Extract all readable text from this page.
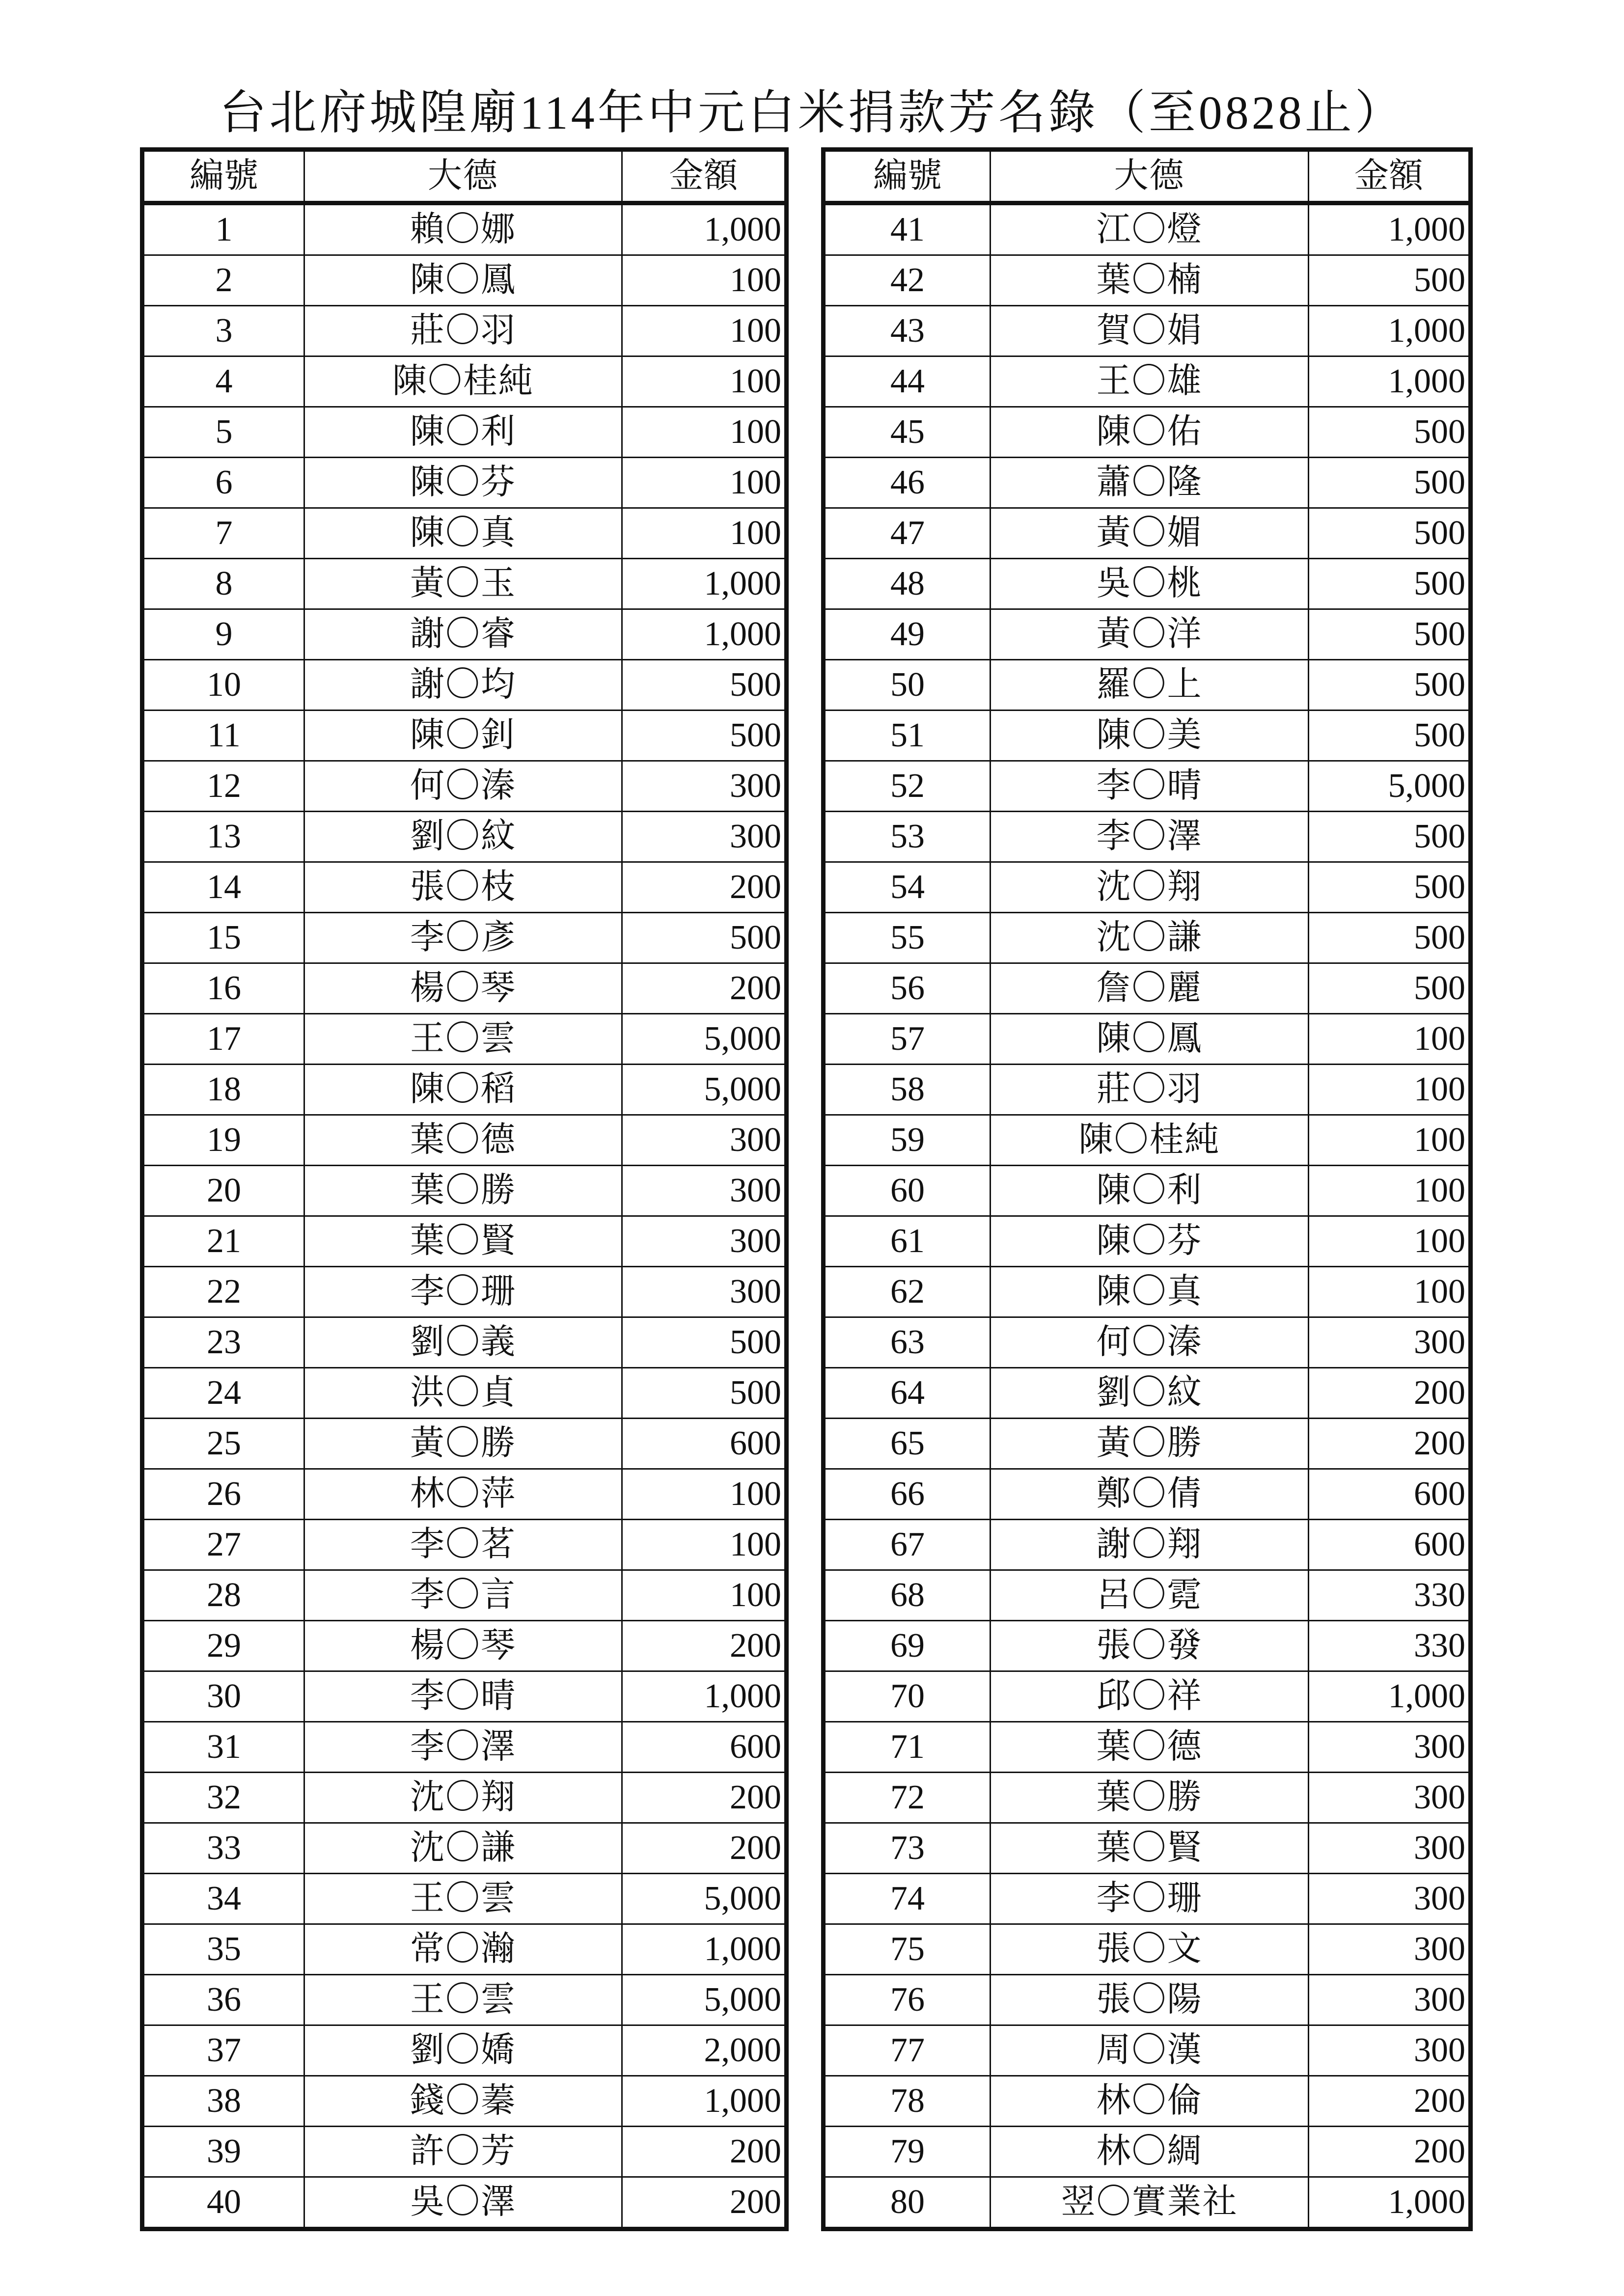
台北府城隍廟114年中元白米捐款芳名錄（至0828止）
編號	大德	金額
1	賴〇娜	1,000
2	陳〇鳳	100
3	莊〇羽	100
4	陳〇桂純	100
5	陳〇利	100
6	陳〇芬	100
7	陳〇真	100
8	黃〇玉	1,000
9	謝〇睿	1,000
10	謝〇均	500
11	陳〇釗	500
12	何〇溱	300
13	劉〇紋	300
14	張〇枝	200
15	李〇彥	500
16	楊〇琴	200
17	王〇雲	5,000
18	陳〇稻	5,000
19	葉〇德	300
20	葉〇勝	300
21	葉〇賢	300
22	李〇珊	300
23	劉〇義	500
24	洪〇貞	500
25	黃〇勝	600
26	林〇萍	100
27	李〇茗	100
28	李〇言	100
29	楊〇琴	200
30	李〇晴	1,000
31	李〇澤	600
32	沈〇翔	200
33	沈〇謙	200
34	王〇雲	5,000
35	常〇瀚	1,000
36	王〇雲	5,000
37	劉〇嬌	2,000
38	錢〇蓁	1,000
39	許〇芳	200
40	吳〇澤	200
編號	大德	金額
41	江〇燈	1,000
42	葉〇楠	500
43	賀〇娟	1,000
44	王〇雄	1,000
45	陳〇佑	500
46	蕭〇隆	500
47	黃〇媚	500
48	吳〇桃	500
49	黃〇洋	500
50	羅〇上	500
51	陳〇美	500
52	李〇晴	5,000
53	李〇澤	500
54	沈〇翔	500
55	沈〇謙	500
56	詹〇麗	500
57	陳〇鳳	100
58	莊〇羽	100
59	陳〇桂純	100
60	陳〇利	100
61	陳〇芬	100
62	陳〇真	100
63	何〇溱	300
64	劉〇紋	200
65	黃〇勝	200
66	鄭〇倩	600
67	謝〇翔	600
68	呂〇霓	330
69	張〇發	330
70	邱〇祥	1,000
71	葉〇德	300
72	葉〇勝	300
73	葉〇賢	300
74	李〇珊	300
75	張〇文	300
76	張〇陽	300
77	周〇漢	300
78	林〇倫	200
79	林〇綢	200
80	翌〇實業社	1,000
